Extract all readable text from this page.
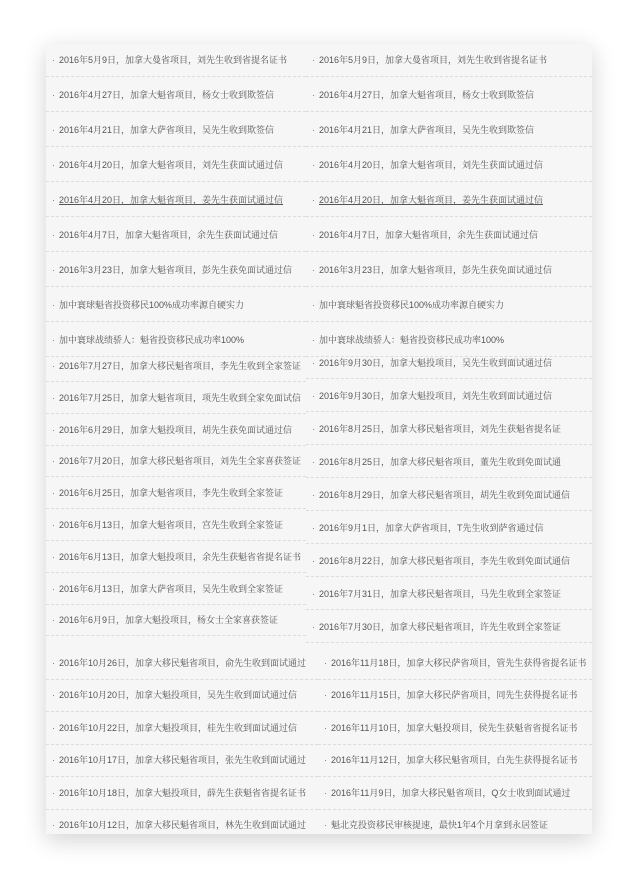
· 2016年5月9日，加拿大曼省项目，刘先生收到省提名证书
· 2016年4月27日，加拿大魁省项目，杨女士收到欺签信
· 2016年4月21日，加拿大萨省项目，吴先生收到欺签信
· 2016年4月20日，加拿大魁省项目，刘先生获面试通过信
· 2016年4月20日，加拿大魁省项目，姜先生获面试通过信
· 2016年4月7日，加拿大魁省项目，余先生获面试通过信
· 2016年3月23日，加拿大魁省项目，彭先生获免面试通过信
· 加中寰球魁省投资移民100%成功率源自硬实力
· 加中寰球战绩骄人：魁省投资移民成功率100%
· 2016年5月9日，加拿大曼省项目，刘先生收到省提名证书
· 2016年4月27日，加拿大魁省项目，杨女士收到欺签信
· 2016年4月21日，加拿大萨省项目，吴先生收到欺签信
· 2016年4月20日，加拿大魁省项目，刘先生获面试通过信
· 2016年4月20日，加拿大魁省项目，姜先生获面试通过信
· 2016年4月7日，加拿大魁省项目，余先生获面试通过信
· 2016年3月23日，加拿大魁省项目，彭先生获免面试通过信
· 加中寰球魁省投资移民100%成功率源自硬实力
· 加中寰球战绩骄人：魁省投资移民成功率100%
· 2016年7月27日，加拿大移民魁省项目，李先生收到全家签证
· 2016年7月25日，加拿大魁省项目，项先生收到全家免面试信
· 2016年6月29日，加拿大魁投项目，胡先生获免面试通过信
· 2016年7月20日，加拿大移民魁省项目，刘先生全家喜获签证
· 2016年6月25日，加拿大魁省项目，李先生收到全家签证
· 2016年6月13日，加拿大魁省项目，宫先生收到全家签证
· 2016年6月13日，加拿大魁投项目，余先生获魁省省提名证书
· 2016年6月13日，加拿大萨省项目，吴先生收到全家签证
· 2016年6月9日，加拿大魁投项目，杨女士全家喜获签证
· 2016年9月30日，加拿大魁投项目，吴先生收到面试通过信
· 2016年9月30日，加拿大魁投项目，刘先生收到面试通过信
· 2016年8月25日，加拿大移民魁省项目，刘先生获魁省提名证
· 2016年8月25日，加拿大移民魁省项目，董先生收到免面试通
· 2016年8月29日，加拿大移民魁省项目，胡先生收到免面试通信
· 2016年9月1日，加拿大萨省项目，T先生收到萨省通过信
· 2016年8月22日，加拿大移民魁省项目，李先生收到免面试通信
· 2016年7月31日，加拿大移民魁省项目，马先生收到全家签证
· 2016年7月30日，加拿大移民魁省项目，许先生收到全家签证
· 2016年10月26日，加拿大移民魁省项目，俞先生收到面试通过
· 2016年10月20日，加拿大魁投项目，吴先生收到面试通过信
· 2016年10月22日，加拿大魁投项目，桂先生收到面试通过信
· 2016年10月17日，加拿大移民魁省项目，张先生收到面试通过
· 2016年10月18日，加拿大魁投项目，薛先生获魁省省提名证书
· 2016年10月12日，加拿大移民魁省项目，林先生收到面试通过
· 2016年11月18日，加拿大移民萨省项目，管先生获得省提名证书
· 2016年11月15日，加拿大移民萨省项目，同先生获得提名证书
· 2016年11月10日，加拿大魁投项目，侯先生获魁省省提名证书
· 2016年11月12日，加拿大移民魁省项目，白先生获得提名证书
· 2016年11月9日，加拿大移民魁省项目，Q女士收到面试通过
· 魁北克投资移民审核提速，最快1年4个月拿到永居签证
